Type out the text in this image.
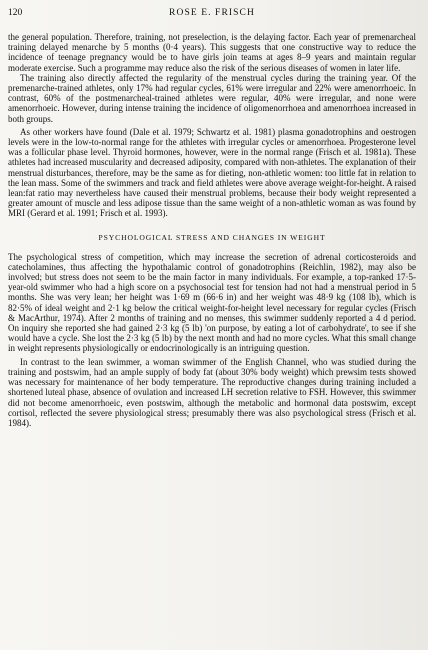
120	ROSE E. FRISCH

the general population. Therefore, training, not preselection, is the delaying factor. Each year of premenarcheal training delayed menarche by 5 months (0·4 years). This suggests that one constructive way to reduce the incidence of teenage pregnancy would be to have girls join teams at ages 8–9 years and maintain regular moderate exercise. Such a programme may reduce also the risk of the serious diseases of women in later life.

The training also directly affected the regularity of the menstrual cycles during the training year. Of the premenarche-trained athletes, only 17% had regular cycles, 61% were irregular and 22% were amenorrhoeic. In contrast, 60% of the postmenarcheal-trained athletes were regular, 40% were irregular, and none were amenorrhoeic. However, during intense training the incidence of oligomenorrhoea and amenorrhoea increased in both groups.

As other workers have found (Dale et al. 1979; Schwartz et al. 1981) plasma gonadotrophins and oestrogen levels were in the low-to-normal range for the athletes with irregular cycles or amenorrhoea. Progesterone level was a follicular phase level. Thyroid hormones, however, were in the normal range (Frisch et al. 1981a). These athletes had increased muscularity and decreased adiposity, compared with non-athletes. The explanation of their menstrual disturbances, therefore, may be the same as for dieting, non-athletic women: too little fat in relation to the lean mass. Some of the swimmers and track and field athletes were above average weight-for-height. A raised lean:fat ratio may nevertheless have caused their menstrual problems, because their body weight represented a greater amount of muscle and less adipose tissue than the same weight of a non-athletic woman as was found by MRI (Gerard et al. 1991; Frisch et al. 1993).

PSYCHOLOGICAL STRESS AND CHANGES IN WEIGHT

The psychological stress of competition, which may increase the secretion of adrenal corticosteroids and catecholamines, thus affecting the hypothalamic control of gonadotrophins (Reichlin, 1982), may also be involved; but stress does not seem to be the main factor in many individuals. For example, a top-ranked 17·5-year-old swimmer who had a high score on a psychosocial test for tension had not had a menstrual period in 5 months. She was very lean; her height was 1·69 m (66·6 in) and her weight was 48·9 kg (108 lb), which is 82·5% of ideal weight and 2·1 kg below the critical weight-for-height level necessary for regular cycles (Frisch & MacArthur, 1974). After 2 months of training and no menses, this swimmer suddenly reported a 4 d period. On inquiry she reported she had gained 2·3 kg (5 lb) 'on purpose, by eating a lot of carbohydrate', to see if she would have a cycle. She lost the 2·3 kg (5 lb) by the next month and had no more cycles. What this small change in weight represents physiologically or endocrinologically is an intriguing question.

In contrast to the lean swimmer, a woman swimmer of the English Channel, who was studied during the training and postswim, had an ample supply of body fat (about 30% body weight) which prewsim tests showed was necessary for maintenance of her body temperature. The reproductive changes during training included a shortened luteal phase, absence of ovulation and increased LH secretion relative to FSH. However, this swimmer did not become amenorrhoeic, even postswim, although the metabolic and hormonal data postswim, except cortisol, reflected the severe physiological stress; presumably there was also psychological stress (Frisch et al. 1984).
